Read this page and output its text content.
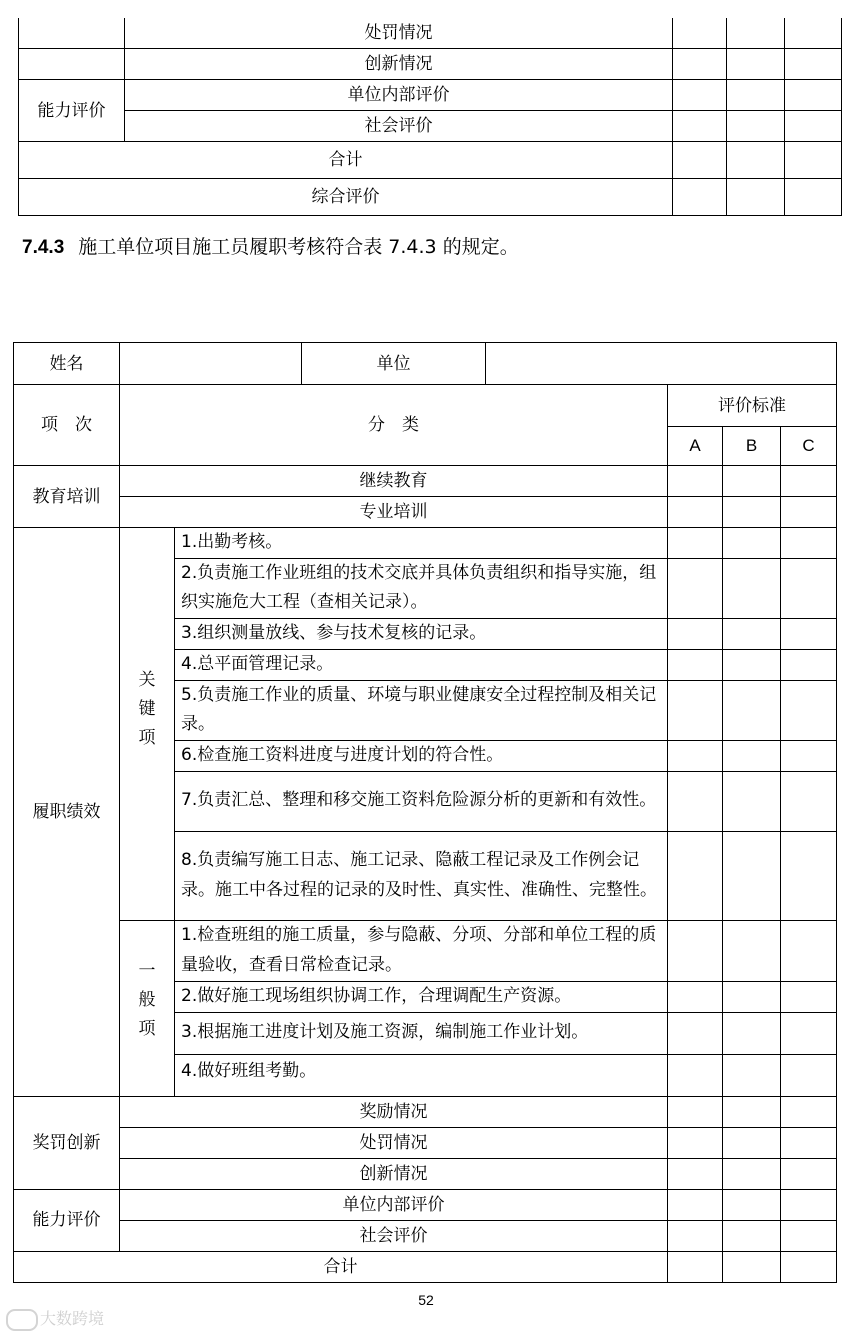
	处罚情况			
	创新情况			
能力评价	单位内部评价			
	社会评价			
合计				
综合评价				
7.4.3 施工单位项目施工员履职考核符合表 7.4.3 的规定。
姓名			单位				
项　次	分　类				评价标准		
					A	B	C
教育培训	继续教育						
	专业培训						
履职绩效	关键项	1.出勤考核。					
		2.负责施工作业班组的技术交底并具体负责组织和指导实施，组织实施危大工程（查相关记录）。					
		3.组织测量放线、参与技术复核的记录。					
		4.总平面管理记录。					
		5.负责施工作业的质量、环境与职业健康安全过程控制及相关记录。					
		6.检查施工资料进度与进度计划的符合性。					
		7.负责汇总、整理和移交施工资料危险源分析的更新和有效性。					
		8.负责编写施工日志、施工记录、隐蔽工程记录及工作例会记录。施工中各过程的记录的及时性、真实性、准确性、完整性。					

	一般项	1.检查班组的施工质量，参与隐蔽、分项、分部和单位工程的质量验收，查看日常检查记录。					
		2.做好施工现场组织协调工作，合理调配生产资源。					
		3.根据施工进度计划及施工资源，编制施工作业计划。					
		4.做好班组考勤。					
奖罚创新	奖励情况						
	处罚情况						
	创新情况						
能力评价	单位内部评价						
	社会评价						
合计							
52
大数跨境
